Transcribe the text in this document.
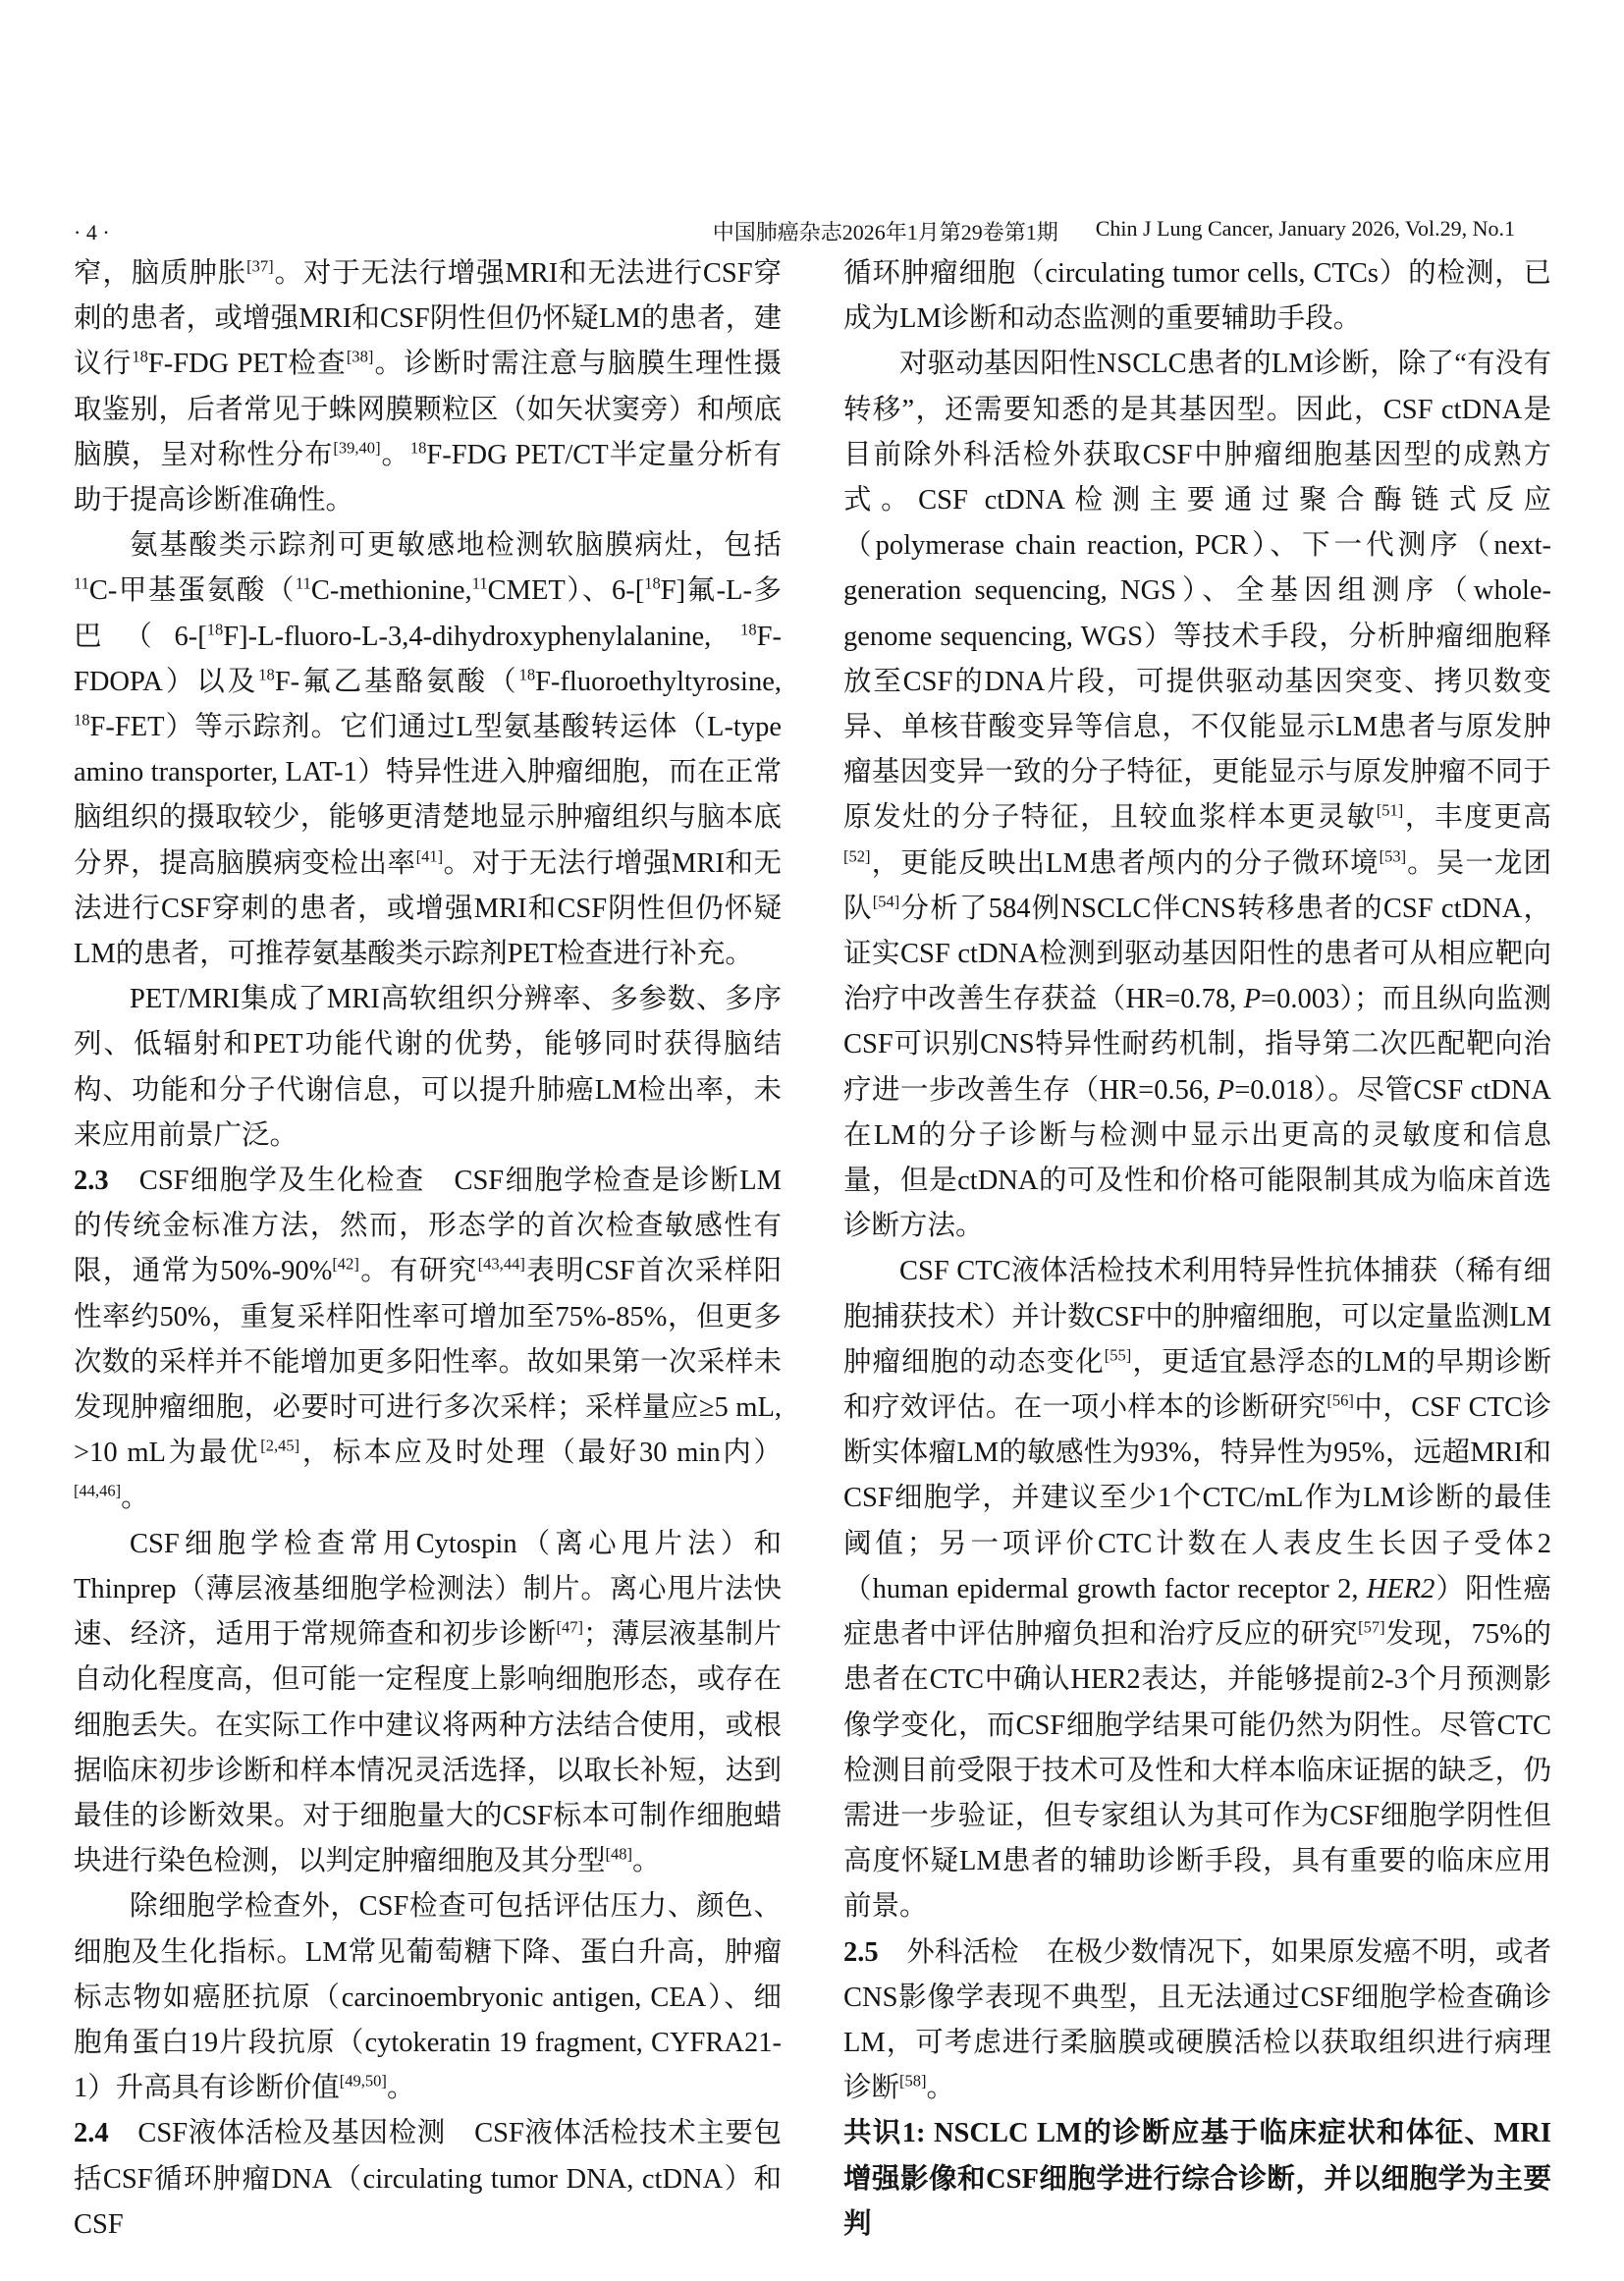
· 4 ·	中国肺癌杂志2026年1月第29卷第1期 Chin J Lung Cancer, January 2026, Vol.29, No.1

窄，脑质肿胀[37]。对于无法行增强MRI和无法进行CSF穿刺的患者，或增强MRI和CSF阴性但仍怀疑LM的患者，建议行$^{18}$F-FDG PET检查[38]。诊断时需注意与脑膜生理性摄取鉴别，后者常见于蛛网膜颗粒区（如矢状窦旁）和颅底脑膜，呈对称性分布[39,40]。$^{18}$F-FDG PET/CT半定量分析有助于提高诊断准确性。

氨基酸类示踪剂可更敏感地检测软脑膜病灶，包括$^{11}$C-甲基蛋氨酸（$^{11}$C-methionine,$^{11}$CMET）、6-[$^{18}$F]氟-L-多巴（6-[$^{18}$F]-L-fluoro-L-3,4-dihydroxyphenylalanine, $^{18}$F-FDOPA）以及$^{18}$F-氟乙基酪氨酸（$^{18}$F-fluoroethyltyrosine, $^{18}$F-FET）等示踪剂。它们通过L型氨基酸转运体（L-type amino transporter, LAT-1）特异性进入肿瘤细胞，而在正常脑组织的摄取较少，能够更清楚地显示肿瘤组织与脑本底分界，提高脑膜病变检出率[41]。对于无法行增强MRI和无法进行CSF穿刺的患者，或增强MRI和CSF阴性但仍怀疑LM的患者，可推荐氨基酸类示踪剂PET检查进行补充。

PET/MRI集成了MRI高软组织分辨率、多参数、多序列、低辐射和PET功能代谢的优势，能够同时获得脑结构、功能和分子代谢信息，可以提升肺癌LM检出率，未来应用前景广泛。

2.3　CSF细胞学及生化检查　CSF细胞学检查是诊断LM的传统金标准方法，然而，形态学的首次检查敏感性有限，通常为50%-90%[42]。有研究[43,44]表明CSF首次采样阳性率约50%，重复采样阳性率可增加至75%-85%，但更多次数的采样并不能增加更多阳性率。故如果第一次采样未发现肿瘤细胞，必要时可进行多次采样；采样量应≥5 mL, >10 mL为最优[2,45]，标本应及时处理（最好30 min内）[44,46]。

CSF细胞学检查常用Cytospin（离心甩片法）和Thinprep（薄层液基细胞学检测法）制片。离心甩片法快速、经济，适用于常规筛查和初步诊断[47]；薄层液基制片自动化程度高，但可能一定程度上影响细胞形态，或存在细胞丢失。在实际工作中建议将两种方法结合使用，或根据临床初步诊断和样本情况灵活选择，以取长补短，达到最佳的诊断效果。对于细胞量大的CSF标本可制作细胞蜡块进行染色检测，以判定肿瘤细胞及其分型[48]。

除细胞学检查外，CSF检查可包括评估压力、颜色、细胞及生化指标。LM常见葡萄糖下降、蛋白升高，肿瘤标志物如癌胚抗原（carcinoembryonic antigen, CEA）、细胞角蛋白19片段抗原（cytokeratin 19 fragment, CYFRA21-1）升高具有诊断价值[49,50]。

2.4　CSF液体活检及基因检测　CSF液体活检技术主要包括CSF循环肿瘤DNA（circulating tumor DNA, ctDNA）和CSF

循环肿瘤细胞（circulating tumor cells, CTCs）的检测，已成为LM诊断和动态监测的重要辅助手段。

对驱动基因阳性NSCLC患者的LM诊断，除了“有没有转移”，还需要知悉的是其基因型。因此，CSF ctDNA是目前除外科活检外获取CSF中肿瘤细胞基因型的成熟方式。CSF ctDNA检测主要通过聚合酶链式反应（polymerase chain reaction, PCR）、下一代测序（next-generation sequencing, NGS）、全基因组测序（whole-genome sequencing, WGS）等技术手段，分析肿瘤细胞释放至CSF的DNA片段，可提供驱动基因突变、拷贝数变异、单核苷酸变异等信息，不仅能显示LM患者与原发肿瘤基因变异一致的分子特征，更能显示与原发肿瘤不同于原发灶的分子特征，且较血浆样本更灵敏[51]，丰度更高[52]，更能反映出LM患者颅内的分子微环境[53]。吴一龙团队[54]分析了584例NSCLC伴CNS转移患者的CSF ctDNA，证实CSF ctDNA检测到驱动基因阳性的患者可从相应靶向治疗中改善生存获益（HR=0.78, P=0.003）；而且纵向监测CSF可识别CNS特异性耐药机制，指导第二次匹配靶向治疗进一步改善生存（HR=0.56, P=0.018）。尽管CSF ctDNA在LM的分子诊断与检测中显示出更高的灵敏度和信息量，但是ctDNA的可及性和价格可能限制其成为临床首选诊断方法。

CSF CTC液体活检技术利用特异性抗体捕获（稀有细胞捕获技术）并计数CSF中的肿瘤细胞，可以定量监测LM肿瘤细胞的动态变化[55]，更适宜悬浮态的LM的早期诊断和疗效评估。在一项小样本的诊断研究[56]中，CSF CTC诊断实体瘤LM的敏感性为93%，特异性为95%，远超MRI和CSF细胞学，并建议至少1个CTC/mL作为LM诊断的最佳阈值；另一项评价CTC计数在人表皮生长因子受体2（human epidermal growth factor receptor 2, HER2）阳性癌症患者中评估肿瘤负担和治疗反应的研究[57]发现，75%的患者在CTC中确认HER2表达，并能够提前2-3个月预测影像学变化，而CSF细胞学结果可能仍然为阴性。尽管CTC检测目前受限于技术可及性和大样本临床证据的缺乏，仍需进一步验证，但专家组认为其可作为CSF细胞学阴性但高度怀疑LM患者的辅助诊断手段，具有重要的临床应用前景。

2.5　外科活检　在极少数情况下，如果原发癌不明，或者CNS影像学表现不典型，且无法通过CSF细胞学检查确诊LM，可考虑进行柔脑膜或硬膜活检以获取组织进行病理诊断[58]。

共识1: NSCLC LM的诊断应基于临床症状和体征、MRI增强影像和CSF细胞学进行综合诊断，并以细胞学为主要判
